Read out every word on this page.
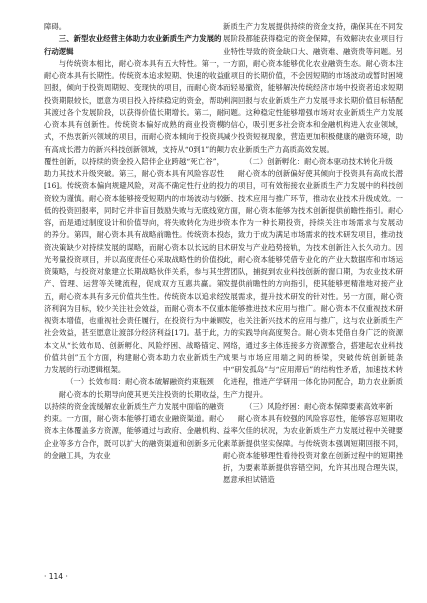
障碍。

三、新型农业经营主体助力农业新质生产力发展的行动逻辑

与传统资本相比，耐心资本具有五大特性。第一，耐心资本具有长期性。传统资本追求短期、快速的收益回报，倾向于投资周期短、变现快的项目，而耐心资本投资期限较长，愿意为项目投入持续稳定的资金，帮助其渡过各个发展阶段，以获得价值长期增长。第二，耐心资本具有创新性。传统资本偏好成熟的商业投资模式，不热衷新兴领域的项目，而耐心资本倾向于投资具有高成长潜力的新兴科技创新领域，支持从“0到1”的颠覆性创新，以持续的资金投入陪伴企业跨越“死亡谷”，助力其技术升级突破。第三，耐心资本具有风险容忍性[16]。传统资本偏向规避风险，对高不确定性行业的投资较为谨慎。耐心资本能够接受短期内的市场波动与较低的投资回报率，同时它并非盲目鼓励失败与无底线宽容，而是通过制度设计和价值导向，将失败转化为进步的养分。第四，耐心资本具有战略前瞻性。传统资本投资决策缺少对持续发展的谋略，而耐心资本以长远的目光考量投资项目，并以高度责任心采取战略性的价值投资策略，与投资对象建立长期战略伙伴关系，参与其生产、管理、运营等关键流程，促成双方互惠共赢。第五，耐心资本具有多元价值共生性。传统资本以追求经济利润为目标，较少关注社会效益，而耐心资本不仅重视资本增值，也重视社会责任履行，在投资行为中兼顾社会效益，甚至愿意让渡部分经济利益[17]。基于此，本文从“长效布局、创新孵化、风险纾困、战略锚定、价值共创”五个方面，构建耐心资本助力农业新质生产力发展的行动逻辑框架。

（一）长效布局：耐心资本破解融资约束瓶颈

耐心资本的长期导向使其更关注投资的长期收益，以持续的资金流缓解农业新质生产力发展中面临的融资约束。一方面，耐心资本能够打通农业融资渠道。耐心资本主体覆盖多方资源，能够通过与政府、金融机构、企业等多方合作，既可以扩大的融资渠道和创新多元化的金融工具，为农业

新质生产力发展提供持续的资金支持，确保其在不同发展阶段都能获得稳定的资金保障，有效解决农业项目行业特性导致的资金缺口大、融资难、融资贵等问题。另一方面，耐心资本能够优化农业融资生态。耐心资本注重项目的长期价值，不会因短期的市场波动或暂时困境而轻易撤资，能够解决传统经济市场中投资者追求短期利润回报与农业新质生产力发展寻求长期价值目标错配问题。这种稳定性能够增强市场对农业新质生产力发展的信心，吸引更多社会资本和金融机构进入农业领域，减少投资短视现象，营造更加积极健康的融资环境，助力农业新质生产力高质高效发展。

（二）创新孵化：耐心资本驱动技术转化升级

耐心资本的创新偏好使其倾向于投资具有高成长潜力的项目，可有效衔接农业新质生产力发展中的科技创新、技术应用与推广环节，推动农业技术升级成效。一方面，耐心资本能够为技术创新提供前瞻性指引。耐心资本作为一种长期投资，持续关注市场需求与发展动态，致力于成为满足市场需求的技术研发项目，推动技术研发与产业趋势接轨，为技术创新注入长久动力。因此，耐心资本能够凭借专业化的产业大数据库和市场运营团队，捕捉到农业科技创新的窗口期，为农业技术研发提供前瞻性的方向指引，使其能够更精准地对接产业发展需求，提升技术研发的针对性。另一方面，耐心资本能够推进技术应用与推广。耐心资本不仅重视技术研发，也关注新兴技术的应用与推广，这与农业新质生产力的实践导向高度契合。耐心资本凭借自身广泛的资源网络，通过多主体连接多方资源整合，搭建起农业科技成果与市场应用端之间的桥梁，突破传统创新链条中“研发孤岛”与“应用滞后”的结构性矛盾，加速技术转化进程，推进产学研用一体化协同配合，助力农业新质生产力提升。

（三）风险纾困：耐心资本保障要素高效率新

耐心资本具有较强的风险容忍性，能够容忍短期收益率欠佳的状况，为农业新质生产力发展过程中关键要素革新提供坚实保障。与传统资本强调短期回报不同，耐心资本能够理性看待投资对象在创新过程中的短期挫折，为要素革新提供容错空间，允许其出现合理失误，愿意承担试错造

· 114 ·
